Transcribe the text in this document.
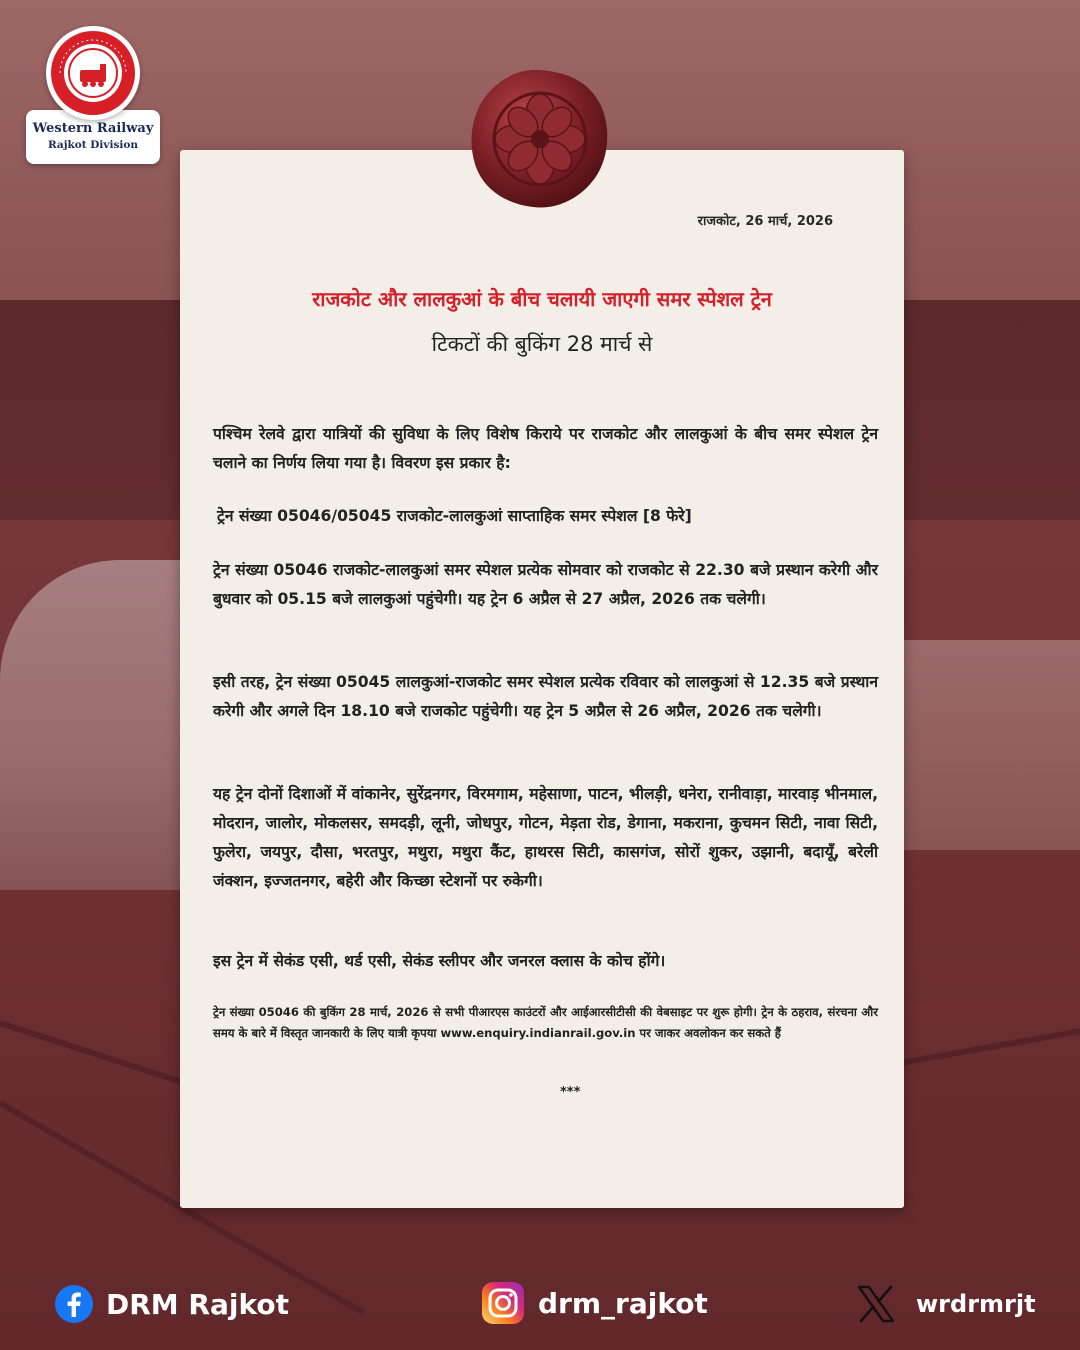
Western Railway
Rajkot Division
राजकोट, 26 मार्च, 2026
राजकोट और लालकुआं के बीच चलायी जाएगी समर स्पेशल ट्रेन
टिकटों की बुकिंग 28 मार्च से
पश्चिम रेलवे द्वारा यात्रियों की सुविधा के लिए विशेष किराये पर राजकोट और लालकुआं के बीच समर स्पेशल ट्रेन चलाने का निर्णय लिया गया है। विवरण इस प्रकार है:
ट्रेन संख्या 05046/05045 राजकोट-लालकुआं साप्ताहिक समर स्पेशल [8 फेरे]
ट्रेन संख्या 05046 राजकोट-लालकुआं समर स्पेशल प्रत्येक सोमवार को राजकोट से 22.30 बजे प्रस्थान करेगी और बुधवार को 05.15 बजे लालकुआं पहुंचेगी। यह ट्रेन 6 अप्रैल से 27 अप्रैल, 2026 तक चलेगी।
इसी तरह, ट्रेन संख्या 05045 लालकुआं-राजकोट समर स्पेशल प्रत्येक रविवार को लालकुआं से 12.35 बजे प्रस्थान करेगी और अगले दिन 18.10 बजे राजकोट पहुंचेगी। यह ट्रेन 5 अप्रैल से 26 अप्रैल, 2026 तक चलेगी।
यह ट्रेन दोनों दिशाओं में वांकानेर, सुरेंद्रनगर, विरमगाम, महेसाणा, पाटन, भीलड़ी, धनेरा, रानीवाड़ा, मारवाड़ भीनमाल, मोदरान, जालोर, मोकलसर, समदड़ी, लूनी, जोधपुर, गोटन, मेड़ता रोड, डेगाना, मकराना, कुचमन सिटी, नावा सिटी, फुलेरा, जयपुर, दौसा, भरतपुर, मथुरा, मथुरा कैंट, हाथरस सिटी, कासगंज, सोरों शुकर, उझानी, बदायूँ, बरेली जंक्शन, इज्जतनगर, बहेरी और किच्छा स्टेशनों पर रुकेगी।
इस ट्रेन में सेकंड एसी, थर्ड एसी, सेकंड स्लीपर और जनरल क्लास के कोच होंगे।
ट्रेन संख्या 05046 की बुकिंग 28 मार्च, 2026 से सभी पीआरएस काउंटरों और आईआरसीटीसी की वेबसाइट पर शुरू होगी। ट्रेन के ठहराव, संरचना और समय के बारे में विस्तृत जानकारी के लिए यात्री कृपया www.enquiry.indianrail.gov.in पर जाकर अवलोकन कर सकते हैं
***
DRM Rajkot	drm_rajkot	wrdrmrjt
